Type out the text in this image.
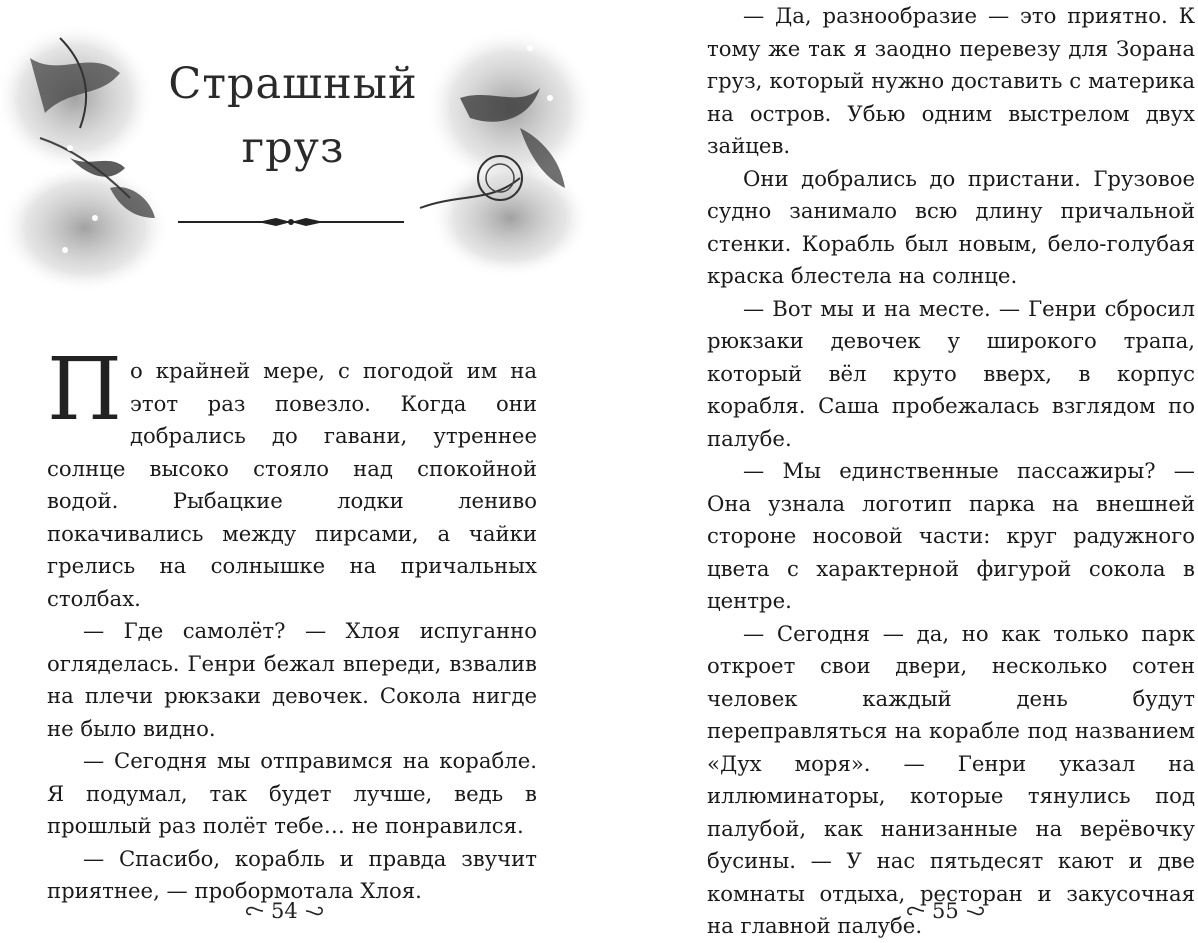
Страшный
груз

По крайней мере, с погодой им на этот раз повезло. Когда они добрались до гавани, утреннее солнце высоко стояло над спокойной водой. Рыбацкие лодки лениво покачивались между пирсами, а чайки грелись на солнышке на причальных столбах.

— Где самолёт? — Хлоя испуганно огляделась. Генри бежал впереди, взвалив на плечи рюкзаки девочек. Сокола нигде не было видно.

— Сегодня мы отправимся на корабле. Я подумал, так будет лучше, ведь в прошлый раз полёт тебе… не понравился.

— Спасибо, корабль и правда звучит приятнее, — пробормотала Хлоя.

54

— Да, разнообразие — это приятно. К тому же так я заодно перевезу для Зорана груз, который нужно доставить с материка на остров. Убью одним выстрелом двух зайцев.

Они добрались до пристани. Грузовое судно занимало всю длину причальной стенки. Корабль был новым, бело-голубая краска блестела на солнце.

— Вот мы и на месте. — Генри сбросил рюкзаки девочек у широкого трапа, который вёл круто вверх, в корпус корабля. Саша пробежалась взглядом по палубе.

— Мы единственные пассажиры? — Она узнала логотип парка на внешней стороне носовой части: круг радужного цвета с характерной фигурой сокола в центре.

— Сегодня — да, но как только парк откроет свои двери, несколько сотен человек каждый день будут переправляться на корабле под названием «Дух моря». — Генри указал на иллюминаторы, которые тянулись под палубой, как нанизанные на верёвочку бусины. — У нас пятьдесят кают и две комнаты отдыха, ресторан и закусочная на главной палубе.

55
